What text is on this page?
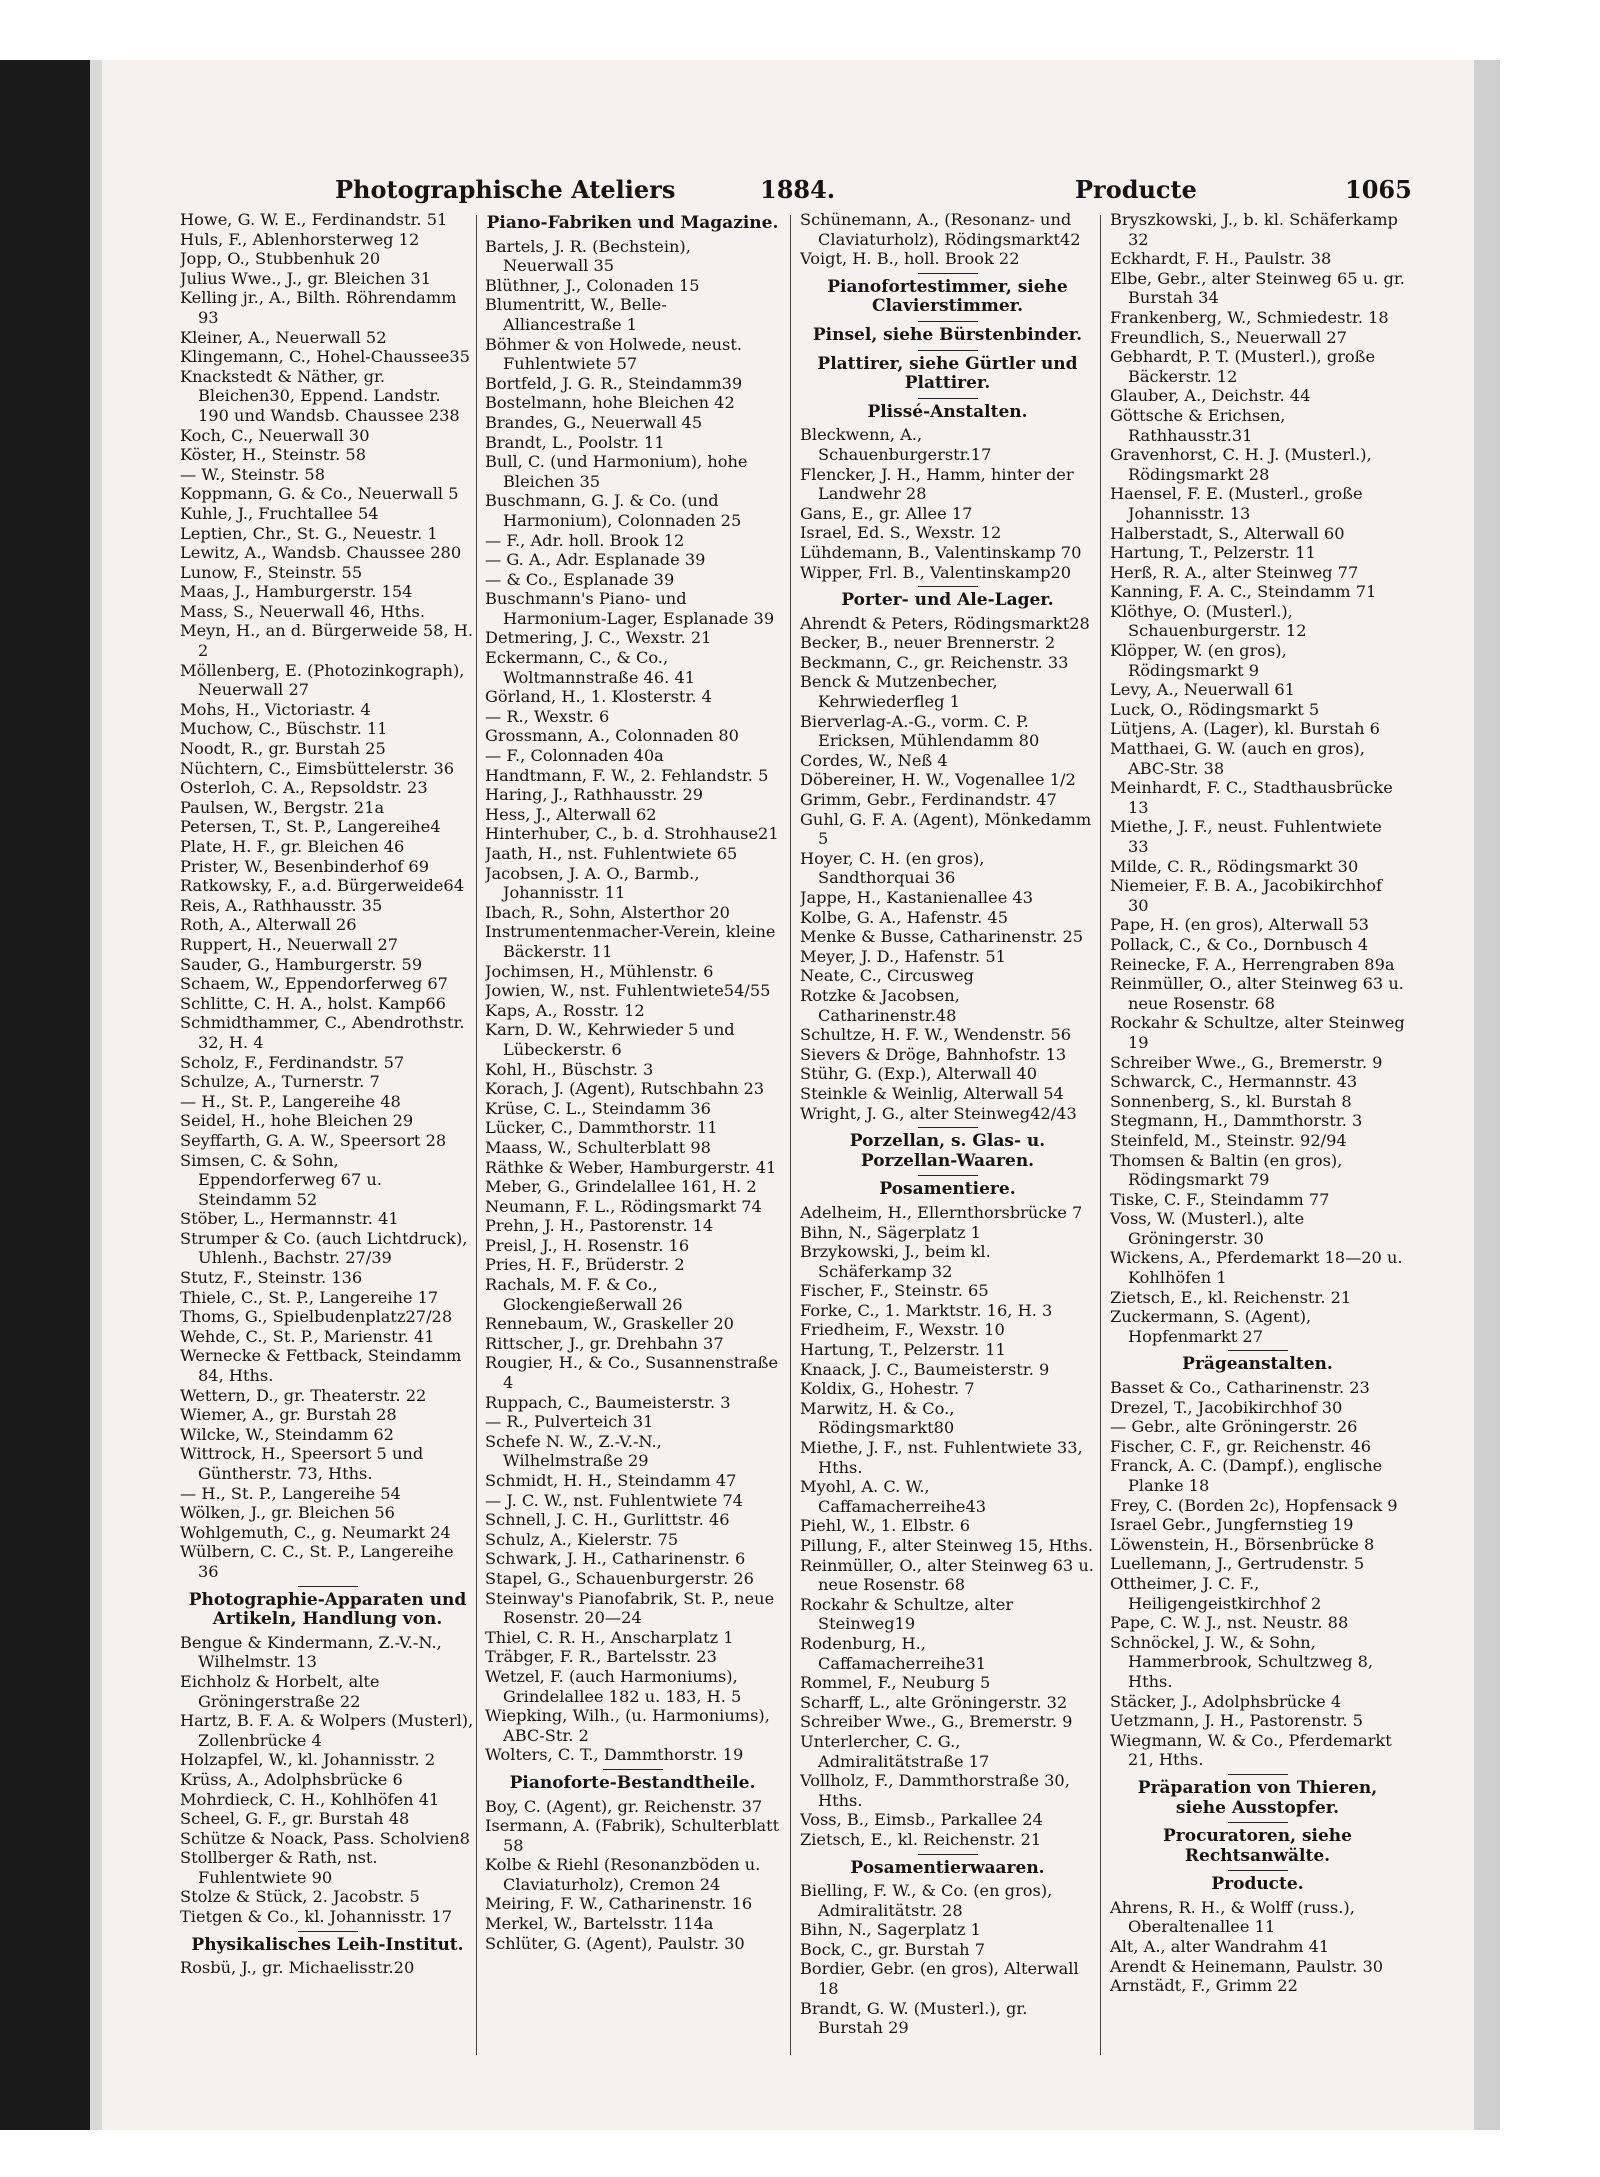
Photographische Ateliers	1884.	Producte	1065

Howe, G. W. E., Ferdinandstr. 51

Huls, F., Ablenhorsterweg 12

Jopp, O., Stubbenhuk 20

Julius Wwe., J., gr. Bleichen 31

Kelling jr., A., Bilth. Röhrendamm 93

Kleiner, A., Neuerwall 52

Klingemann, C., Hohel-Chaussee35

Knackstedt & Näther, gr. Bleichen30, Eppend. Landstr. 190 und Wandsb. Chaussee 238

Koch, C., Neuerwall 30

Köster, H., Steinstr. 58

— W., Steinstr. 58

Koppmann, G. & Co., Neuerwall 5

Kuhle, J., Fruchtallee 54

Leptien, Chr., St. G., Neuestr. 1

Lewitz, A., Wandsb. Chaussee 280

Lunow, F., Steinstr. 55

Maas, J., Hamburgerstr. 154

Mass, S., Neuerwall 46, Hths.

Meyn, H., an d. Bürgerweide 58, H. 2

Möllenberg, E. (Photozinkograph), Neuerwall 27

Mohs, H., Victoriastr. 4

Muchow, C., Büschstr. 11

Noodt, R., gr. Burstah 25

Nüchtern, C., Eimsbüttelerstr. 36

Osterloh, C. A., Repsoldstr. 23

Paulsen, W., Bergstr. 21a

Petersen, T., St. P., Langereihe4

Plate, H. F., gr. Bleichen 46

Prister, W., Besenbinderhof 69

Ratkowsky, F., a.d. Bürgerweide64

Reis, A., Rathhausstr. 35

Roth, A., Alterwall 26

Ruppert, H., Neuerwall 27

Sauder, G., Hamburgerstr. 59

Schaem, W., Eppendorferweg 67

Schlitte, C. H. A., holst. Kamp66

Schmidthammer, C., Abendrothstr. 32, H. 4

Scholz, F., Ferdinandstr. 57

Schulze, A., Turnerstr. 7

— H., St. P., Langereihe 48

Seidel, H., hohe Bleichen 29

Seyffarth, G. A. W., Speersort 28

Simsen, C. & Sohn, Eppendorferweg 67 u. Steindamm 52

Stöber, L., Hermannstr. 41

Strumper & Co. (auch Lichtdruck), Uhlenh., Bachstr. 27/39

Stutz, F., Steinstr. 136

Thiele, C., St. P., Langereihe 17

Thoms, G., Spielbudenplatz27/28

Wehde, C., St. P., Marienstr. 41

Wernecke & Fettback, Steindamm 84, Hths.

Wettern, D., gr. Theaterstr. 22

Wiemer, A., gr. Burstah 28

Wilcke, W., Steindamm 62

Wittrock, H., Speersort 5 und Güntherstr. 73, Hths.

— H., St. P., Langereihe 54

Wölken, J., gr. Bleichen 56

Wohlgemuth, C., g. Neumarkt 24

Wülbern, C. C., St. P., Langereihe 36

Photographie-Apparaten und Artikeln, Handlung von.

Bengue & Kindermann, Z.-V.-N., Wilhelmstr. 13

Eichholz & Horbelt, alte Gröningerstraße 22

Hartz, B. F. A. & Wolpers (Musterl), Zollenbrücke 4

Holzapfel, W., kl. Johannisstr. 2

Krüss, A., Adolphsbrücke 6

Mohrdieck, C. H., Kohlhöfen 41

Scheel, G. F., gr. Burstah 48

Schütze & Noack, Pass. Scholvien8

Stollberger & Rath, nst. Fuhlentwiete 90

Stolze & Stück, 2. Jacobstr. 5

Tietgen & Co., kl. Johannisstr. 17

Physikalisches Leih-Institut.

Rosbü, J., gr. Michaelisstr.20

Piano-Fabriken und Magazine.

Bartels, J. R. (Bechstein), Neuerwall 35

Blüthner, J., Colonaden 15

Blumentritt, W., Belle-Alliancestraße 1

Böhmer & von Holwede, neust. Fuhlentwiete 57

Bortfeld, J. G. R., Steindamm39

Bostelmann, hohe Bleichen 42

Brandes, G., Neuerwall 45

Brandt, L., Poolstr. 11

Bull, C. (und Harmonium), hohe Bleichen 35

Buschmann, G. J. & Co. (und Harmonium), Colonnaden 25

— F., Adr. holl. Brook 12

— G. A., Adr. Esplanade 39

— & Co., Esplanade 39

Buschmann's Piano- und Harmonium-Lager, Esplanade 39

Detmering, J. C., Wexstr. 21

Eckermann, C., & Co., Woltmannstraße 46. 41

Görland, H., 1. Klosterstr. 4

— R., Wexstr. 6

Grossmann, A., Colonnaden 80

— F., Colonnaden 40a

Handtmann, F. W., 2. Fehlandstr. 5

Haring, J., Rathhausstr. 29

Hess, J., Alterwall 62

Hinterhuber, C., b. d. Strohhause21

Jaath, H., nst. Fuhlentwiete 65

Jacobsen, J. A. O., Barmb., Johannisstr. 11

Ibach, R., Sohn, Alsterthor 20

Instrumentenmacher-Verein, kleine Bäckerstr. 11

Jochimsen, H., Mühlenstr. 6

Jowien, W., nst. Fuhlentwiete54/55

Kaps, A., Rosstr. 12

Karn, D. W., Kehrwieder 5 und Lübeckerstr. 6

Kohl, H., Büschstr. 3

Korach, J. (Agent), Rutschbahn 23

Krüse, C. L., Steindamm 36

Lücker, C., Dammthorstr. 11

Maass, W., Schulterblatt 98

Räthke & Weber, Hamburgerstr. 41

Meber, G., Grindelallee 161, H. 2

Neumann, F. L., Rödingsmarkt 74

Prehn, J. H., Pastorenstr. 14

Preisl, J., H. Rosenstr. 16

Pries, H. F., Brüderstr. 2

Rachals, M. F. & Co., Glockengießerwall 26

Rennebaum, W., Graskeller 20

Rittscher, J., gr. Drehbahn 37

Rougier, H., & Co., Susannenstraße 4

Ruppach, C., Baumeisterstr. 3

— R., Pulverteich 31

Schefe N. W., Z.-V.-N., Wilhelmstraße 29

Schmidt, H. H., Steindamm 47

— J. C. W., nst. Fuhlentwiete 74

Schnell, J. C. H., Gurlittstr. 46

Schulz, A., Kielerstr. 75

Schwark, J. H., Catharinenstr. 6

Stapel, G., Schauenburgerstr. 26

Steinway's Pianofabrik, St. P., neue Rosenstr. 20—24

Thiel, C. R. H., Anscharplatz 1

Träbger, F. R., Bartelsstr. 23

Wetzel, F. (auch Harmoniums), Grindelallee 182 u. 183, H. 5

Wiepking, Wilh., (u. Harmoniums), ABC-Str. 2

Wolters, C. T., Dammthorstr. 19

Pianoforte-Bestandtheile.

Boy, C. (Agent), gr. Reichenstr. 37

Isermann, A. (Fabrik), Schulterblatt 58

Kolbe & Riehl (Resonanzböden u. Claviaturholz), Cremon 24

Meiring, F. W., Catharinenstr. 16

Merkel, W., Bartelsstr. 114a

Schlüter, G. (Agent), Paulstr. 30

Schünemann, A., (Resonanz- und Claviaturholz), Rödingsmarkt42

Voigt, H. B., holl. Brook 22

Pianofortestimmer, siehe Clavierstimmer.
Pinsel, siehe Bürstenbinder.
Plattirer, siehe Gürtler und Plattirer.
Plissé-Anstalten.

Bleckwenn, A., Schauenburgerstr.17

Flencker, J. H., Hamm, hinter der Landwehr 28

Gans, E., gr. Allee 17

Israel, Ed. S., Wexstr. 12

Lühdemann, B., Valentinskamp 70

Wipper, Frl. B., Valentinskamp20

Porter- und Ale-Lager.

Ahrendt & Peters, Rödingsmarkt28

Becker, B., neuer Brennerstr. 2

Beckmann, C., gr. Reichenstr. 33

Benck & Mutzenbecher, Kehrwiederfleg 1

Bierverlag-A.-G., vorm. C. P. Ericksen, Mühlendamm 80

Cordes, W., Neß 4

Döbereiner, H. W., Vogenallee 1/2

Grimm, Gebr., Ferdinandstr. 47

Guhl, G. F. A. (Agent), Mönkedamm 5

Hoyer, C. H. (en gros), Sandthorquai 36

Jappe, H., Kastanienallee 43

Kolbe, G. A., Hafenstr. 45

Menke & Busse, Catharinenstr. 25

Meyer, J. D., Hafenstr. 51

Neate, C., Circusweg

Rotzke & Jacobsen, Catharinenstr.48

Schultze, H. F. W., Wendenstr. 56

Sievers & Dröge, Bahnhofstr. 13

Stühr, G. (Exp.), Alterwall 40

Steinkle & Weinlig, Alterwall 54

Wright, J. G., alter Steinweg42/43

Porzellan, s. Glas- u. Porzellan-Waaren.
Posamentiere.

Adelheim, H., Ellernthorsbrücke 7

Bihn, N., Sägerplatz 1

Brzykowski, J., beim kl. Schäferkamp 32

Fischer, F., Steinstr. 65

Forke, C., 1. Marktstr. 16, H. 3

Friedheim, F., Wexstr. 10

Hartung, T., Pelzerstr. 11

Knaack, J. C., Baumeisterstr. 9

Koldix, G., Hohestr. 7

Marwitz, H. & Co., Rödingsmarkt80

Miethe, J. F., nst. Fuhlentwiete 33, Hths.

Myohl, A. C. W., Caffamacherreihe43

Piehl, W., 1. Elbstr. 6

Pillung, F., alter Steinweg 15, Hths.

Reinmüller, O., alter Steinweg 63 u. neue Rosenstr. 68

Rockahr & Schultze, alter Steinweg19

Rodenburg, H., Caffamacherreihe31

Rommel, F., Neuburg 5

Scharff, L., alte Gröningerstr. 32

Schreiber Wwe., G., Bremerstr. 9

Unterlercher, C. G., Admiralitätstraße 17

Vollholz, F., Dammthorstraße 30, Hths.

Voss, B., Eimsb., Parkallee 24

Zietsch, E., kl. Reichenstr. 21

Posamentierwaaren.

Bielling, F. W., & Co. (en gros), Admiralitätstr. 28

Bihn, N., Sagerplatz 1

Bock, C., gr. Burstah 7

Bordier, Gebr. (en gros), Alterwall 18

Brandt, G. W. (Musterl.), gr. Burstah 29

Bryszkowski, J., b. kl. Schäferkamp 32

Eckhardt, F. H., Paulstr. 38

Elbe, Gebr., alter Steinweg 65 u. gr. Burstah 34

Frankenberg, W., Schmiedestr. 18

Freundlich, S., Neuerwall 27

Gebhardt, P. T. (Musterl.), große Bäckerstr. 12

Glauber, A., Deichstr. 44

Göttsche & Erichsen, Rathhausstr.31

Gravenhorst, C. H. J. (Musterl.), Rödingsmarkt 28

Haensel, F. E. (Musterl., große Johannisstr. 13

Halberstadt, S., Alterwall 60

Hartung, T., Pelzerstr. 11

Herß, R. A., alter Steinweg 77

Kanning, F. A. C., Steindamm 71

Klöthye, O. (Musterl.), Schauenburgerstr. 12

Klöpper, W. (en gros), Rödingsmarkt 9

Levy, A., Neuerwall 61

Luck, O., Rödingsmarkt 5

Lütjens, A. (Lager), kl. Burstah 6

Matthaei, G. W. (auch en gros), ABC-Str. 38

Meinhardt, F. C., Stadthausbrücke 13

Miethe, J. F., neust. Fuhlentwiete 33

Milde, C. R., Rödingsmarkt 30

Niemeier, F. B. A., Jacobikirchhof 30

Pape, H. (en gros), Alterwall 53

Pollack, C., & Co., Dornbusch 4

Reinecke, F. A., Herrengraben 89a

Reinmüller, O., alter Steinweg 63 u. neue Rosenstr. 68

Rockahr & Schultze, alter Steinweg 19

Schreiber Wwe., G., Bremerstr. 9

Schwarck, C., Hermannstr. 43

Sonnenberg, S., kl. Burstah 8

Stegmann, H., Dammthorstr. 3

Steinfeld, M., Steinstr. 92/94

Thomsen & Baltin (en gros), Rödingsmarkt 79

Tiske, C. F., Steindamm 77

Voss, W. (Musterl.), alte Gröningerstr. 30

Wickens, A., Pferdemarkt 18—20 u. Kohlhöfen 1

Zietsch, E., kl. Reichenstr. 21

Zuckermann, S. (Agent), Hopfenmarkt 27

Prägeanstalten.

Basset & Co., Catharinenstr. 23

Drezel, T., Jacobikirchhof 30

— Gebr., alte Gröningerstr. 26

Fischer, C. F., gr. Reichenstr. 46

Franck, A. C. (Dampf.), englische Planke 18

Frey, C. (Borden 2c), Hopfensack 9

Israel Gebr., Jungfernstieg 19

Löwenstein, H., Börsenbrücke 8

Luellemann, J., Gertrudenstr. 5

Ottheimer, J. C. F., Heiligengeistkirchhof 2

Pape, C. W. J., nst. Neustr. 88

Schnöckel, J. W., & Sohn, Hammerbrook, Schultzweg 8, Hths.

Stäcker, J., Adolphsbrücke 4

Uetzmann, J. H., Pastorenstr. 5

Wiegmann, W. & Co., Pferdemarkt 21, Hths.

Präparation von Thieren, siehe Ausstopfer.
Procuratoren, siehe Rechtsanwälte.
Producte.

Ahrens, R. H., & Wolff (russ.), Oberaltenallee 11

Alt, A., alter Wandrahm 41

Arendt & Heinemann, Paulstr. 30

Arnstädt, F., Grimm 22
